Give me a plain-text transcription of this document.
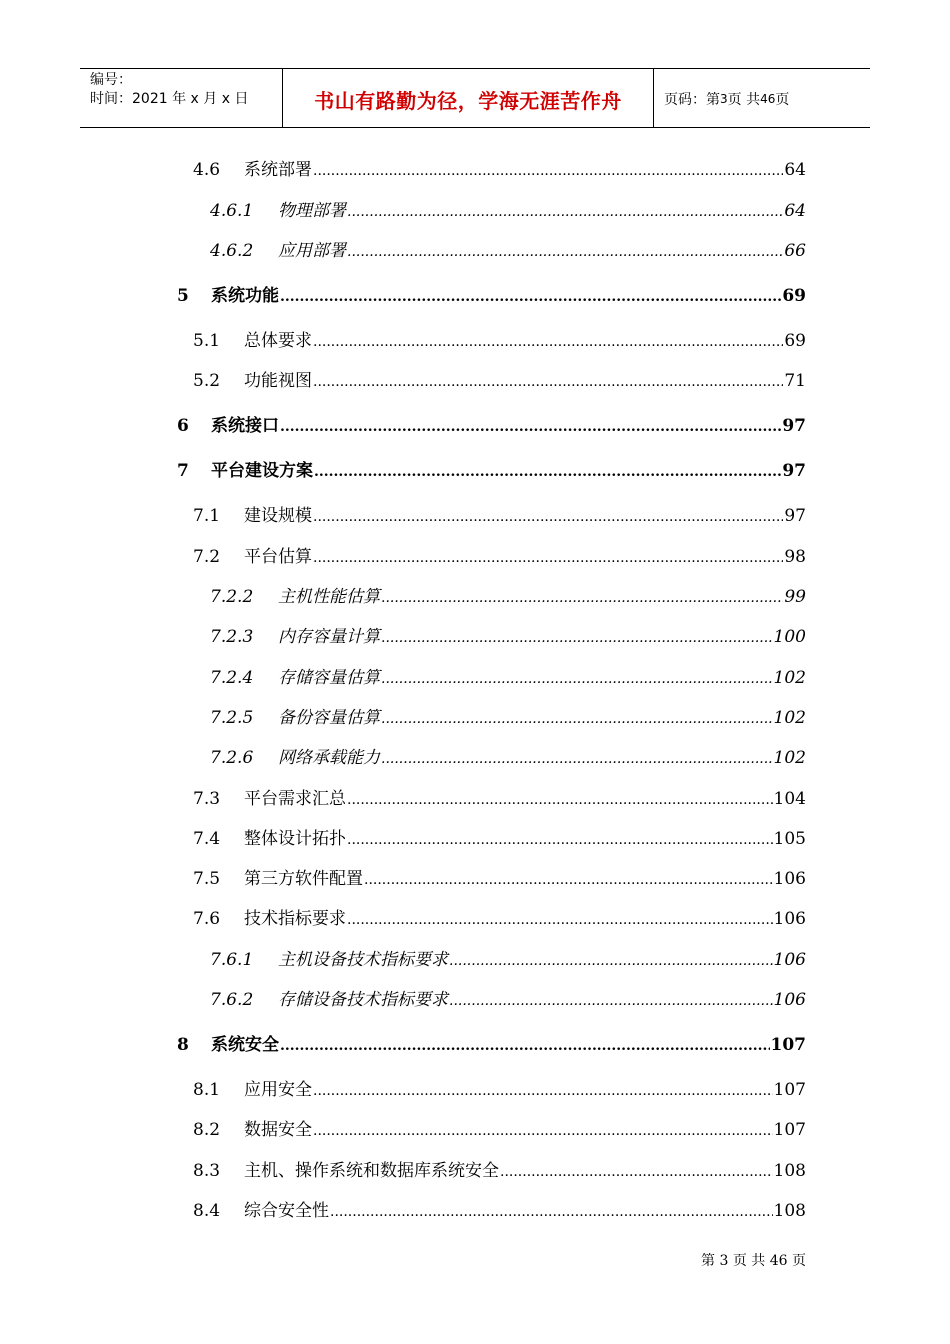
编号：
时间：2021 年 x 月 x 日	书山有路勤为径，学海无涯苦作舟	页码：第 3 页 共 46 页
4.6	系统部署 .....	64
4.6.1	物理部署 .....	64
4.6.2	应用部署 .....	66
5	系统功能 .....	69
5.1	总体要求 .....	69
5.2	功能视图 .....	71
6	系统接口 .....	97
7	平台建设方案 .....	97
7.1	建设规模 .....	97
7.2	平台估算 .....	98
7.2.2	主机性能估算 .....	99
7.2.3	内存容量计算 .....	100
7.2.4	存储容量估算 .....	102
7.2.5	备份容量估算 .....	102
7.2.6	网络承载能力 .....	102
7.3	平台需求汇总 .....	104
7.4	整体设计拓扑 .....	105
7.5	第三方软件配置 .....	106
7.6	技术指标要求 .....	106
7.6.1	主机设备技术指标要求 .....	106
7.6.2	存储设备技术指标要求 .....	106
8	系统安全 .....	107
8.1	应用安全 .....	107
8.2	数据安全 .....	107
8.3	主机、操作系统和数据库系统安全 .....	108
8.4	综合安全性 .....	108
第 3 页 共 46 页
